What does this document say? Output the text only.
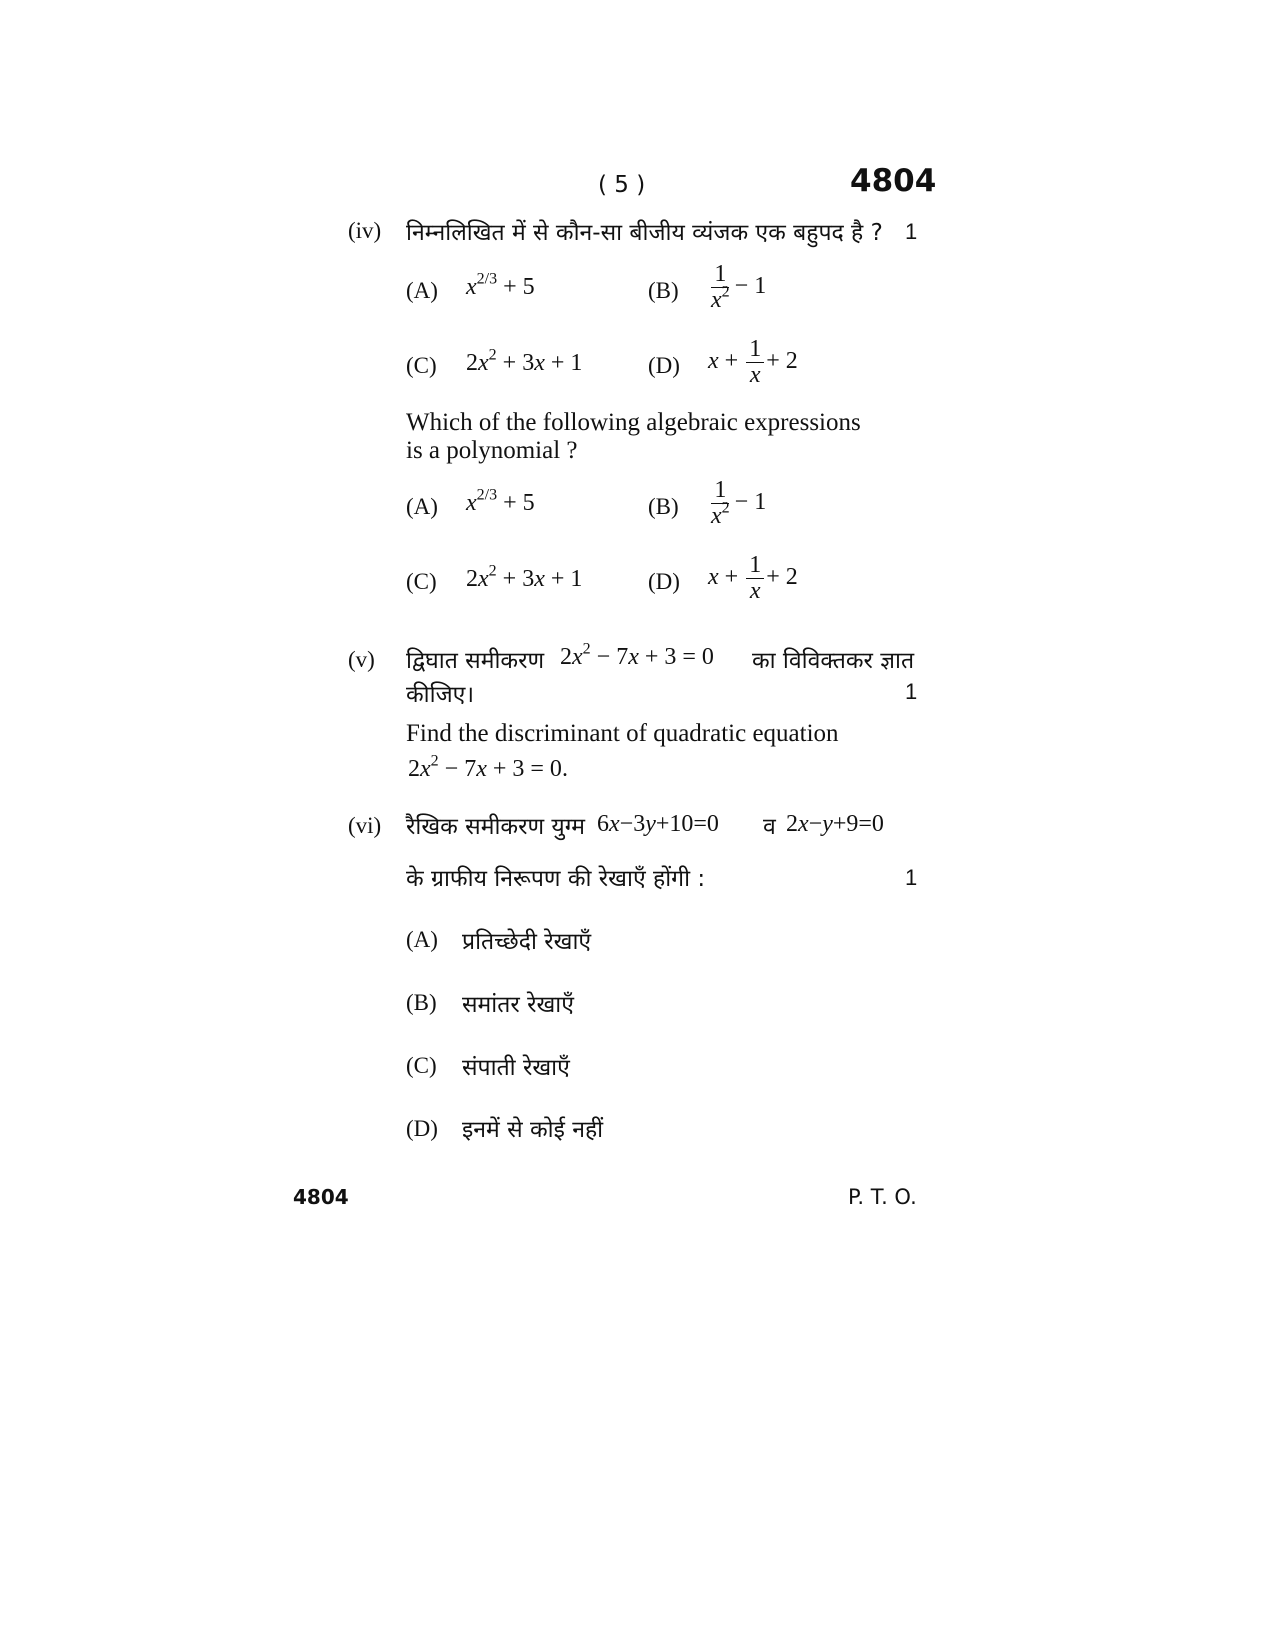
( 5 )	4804
(iv) निम्नलिखित में से कौन-सा बीजीय व्यंजक एक बहुपद है ? 1
(A) $x^{2/3} + 5$	$(B) \frac{1}{x^2} - 1$
(C) $2x^2 + 3x + 1$	(D) $x + \frac{1}{x} + 2$
Which of the following algebraic expressions
is a polynomial ?
(A) $x^{2/3} + 5$	$(B) \frac{1}{x^2} - 1$
(C) $2x^2 + 3x + 1$	(D) $x + \frac{1}{x} + 2$
(v) द्विघात समीकरण $2x^2 - 7x + 3 = 0$ का विविक्तकर ज्ञात
कीजिए।	1
Find the discriminant of quadratic equation
$2x^2 - 7x + 3 = 0$.
(vi) रैखिक समीकरण युग्म 6x−3y+10=0 व 2x−y+9=0
के ग्राफीय निरूपण की रेखाएँ होंगी :	1
(A) प्रतिच्छेदी रेखाएँ
(B) समांतर रेखाएँ
(C) संपाती रेखाएँ
(D) इनमें से कोई नहीं
4804	P. T. O.
